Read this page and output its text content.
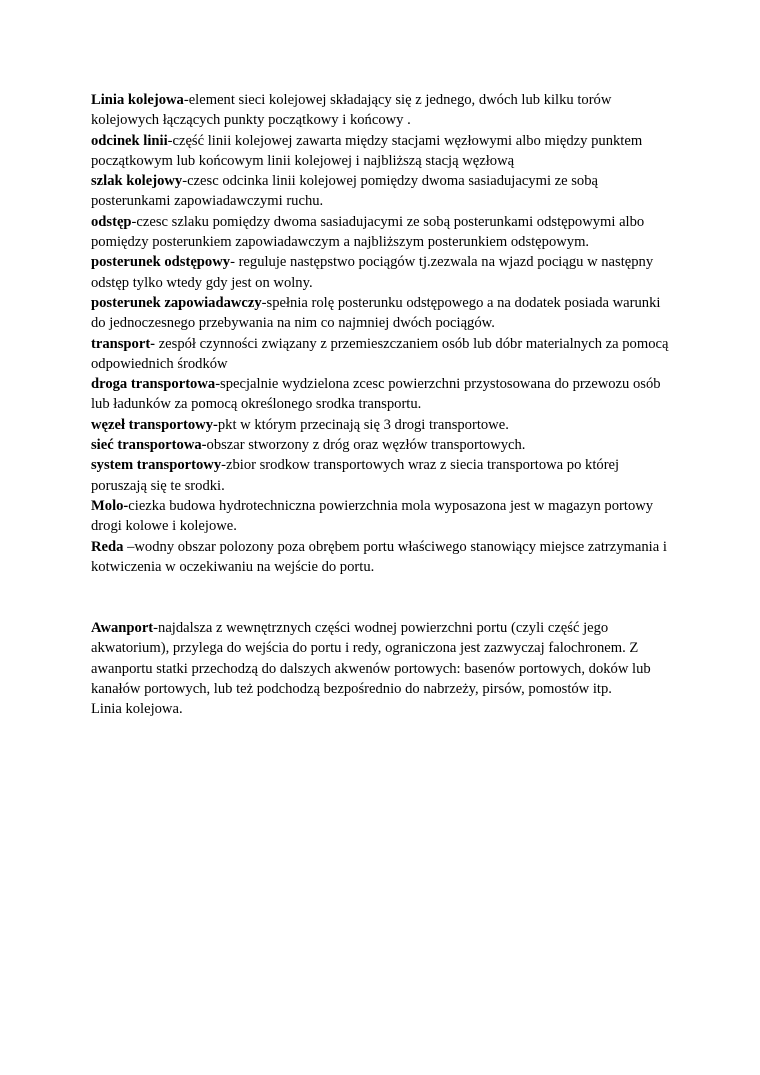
Linia kolejowa-element sieci kolejowej składający się z jednego, dwóch lub kilku torów kolejowych łączących punkty początkowy i końcowy .

odcinek linii-część linii kolejowej zawarta między stacjami węzłowymi albo między punktem początkowym lub końcowym linii kolejowej i najbliższą stacją węzłową

szlak kolejowy-czesc odcinka linii kolejowej pomiędzy dwoma sasiadujacymi ze sobą posterunkami zapowiadawczymi ruchu.

odstęp-czesc szlaku pomiędzy dwoma sasiadujacymi ze sobą posterunkami odstępowymi albo pomiędzy posterunkiem zapowiadawczym a najbliższym posterunkiem odstępowym.

posterunek odstępowy- reguluje następstwo pociągów tj.zezwala na wjazd pociągu w następny odstęp tylko wtedy gdy jest on wolny.

posterunek zapowiadawczy-spełnia rolę posterunku odstępowego a na dodatek posiada warunki do jednoczesnego przebywania na nim co najmniej dwóch pociągów.

transport- zespół czynności związany z przemieszczaniem osób lub dóbr materialnych za pomocą odpowiednich środków

droga transportowa-specjalnie wydzielona zcesc powierzchni przystosowana do przewozu osób lub ładunków za pomocą określonego srodka transportu.

węzeł transportowy-pkt w którym przecinają się 3 drogi transportowe.

sieć transportowa-obszar stworzony z dróg oraz węzłów transportowych.

system transportowy-zbior srodkow transportowych wraz z siecia transportowa po której poruszają się te srodki.

Molo-ciezka budowa hydrotechniczna powierzchnia mola wyposazona jest w magazyn portowy drogi kolowe i kolejowe.

Reda –wodny obszar polozony poza obrębem portu właściwego stanowiący miejsce zatrzymania i kotwiczenia w oczekiwaniu na wejście do portu.

Awanport-najdalsza z wewnętrznych części wodnej powierzchni portu (czyli część jego akwatorium), przylega do wejścia do portu i redy, ograniczona jest zazwyczaj falochronem. Z awanportu statki przechodzą do dalszych akwenów portowych: basenów portowych, doków lub kanałów portowych, lub też podchodzą bezpośrednio do nabrzeży, pirsów, pomostów itp.

Linia kolejowa.
